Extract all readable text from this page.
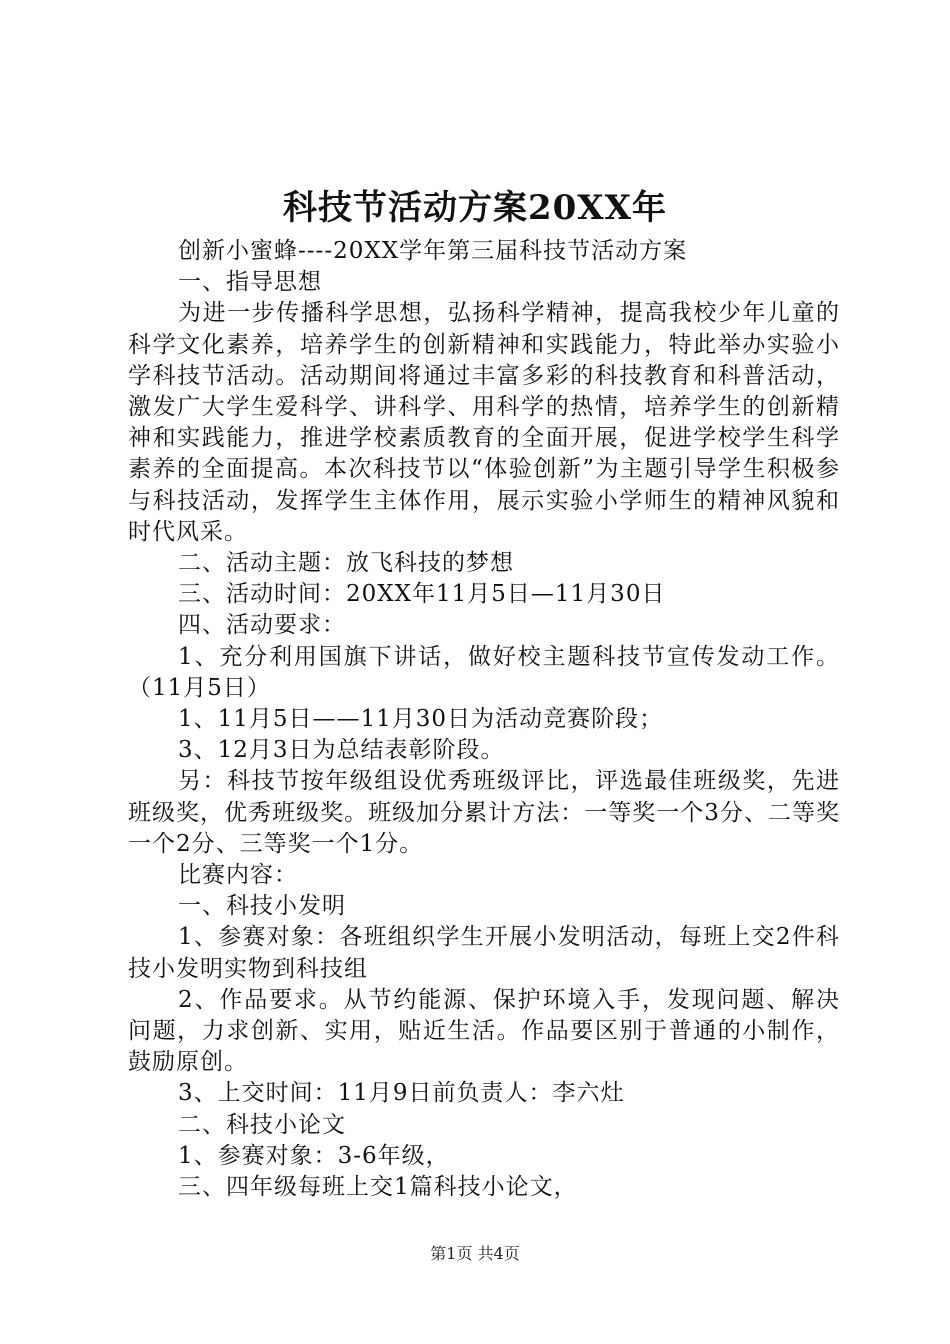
科技节活动方案20XX年

创新小蜜蜂----20XX学年第三届科技节活动方案

一、指导思想

为进一步传播科学思想，弘扬科学精神，提高我校少年儿童的科学文化素养，培养学生的创新精神和实践能力，特此举办实验小学科技节活动。活动期间将通过丰富多彩的科技教育和科普活动，激发广大学生爱科学、讲科学、用科学的热情，培养学生的创新精神和实践能力，推进学校素质教育的全面开展，促进学校学生科学素养的全面提高。本次科技节以“体验创新”为主题引导学生积极参与科技活动，发挥学生主体作用，展示实验小学师生的精神风貌和时代风采。

二、活动主题：放飞科技的梦想

三、活动时间：20XX年11月5日—11月30日

四、活动要求：

1、充分利用国旗下讲话，做好校主题科技节宣传发动工作。（11月5日）

1、11月5日——11月30日为活动竞赛阶段；

3、12月3日为总结表彰阶段。

另：科技节按年级组设优秀班级评比，评选最佳班级奖，先进班级奖，优秀班级奖。班级加分累计方法：一等奖一个3分、二等奖一个2分、三等奖一个1分。

比赛内容：

一、科技小发明

1、参赛对象：各班组织学生开展小发明活动，每班上交2件科技小发明实物到科技组

2、作品要求。从节约能源、保护环境入手，发现问题、解决问题，力求创新、实用，贴近生活。作品要区别于普通的小制作，鼓励原创。

3、上交时间：11月9日前负责人：李六灶

二、科技小论文

1、参赛对象：3-6年级，

三、四年级每班上交1篇科技小论文，

第1页 共4页
